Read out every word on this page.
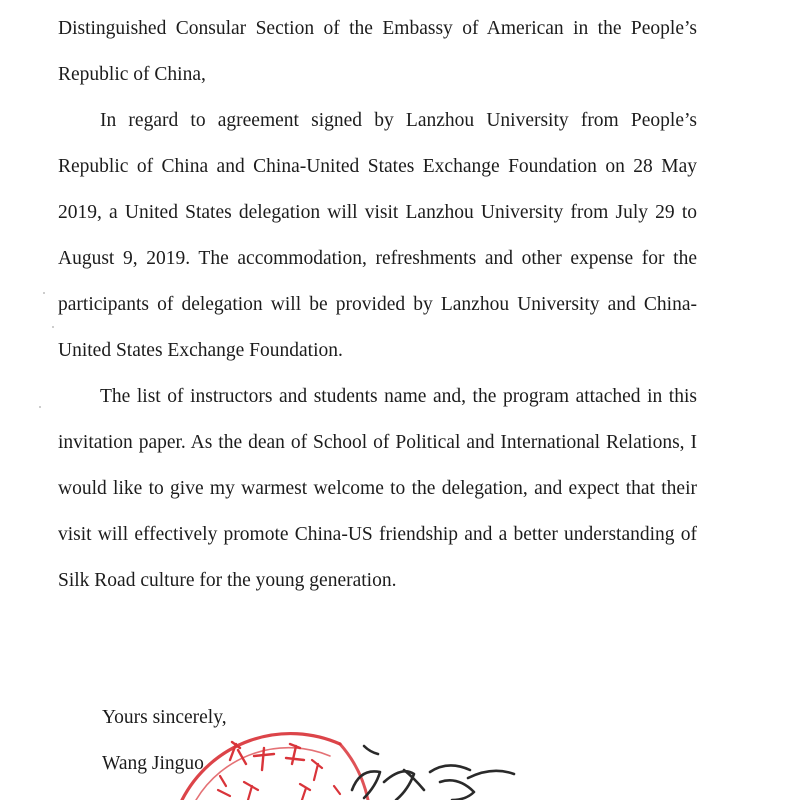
Distinguished Consular Section of the Embassy of American in the People’s Republic of China,

In regard to agreement signed by Lanzhou University from People’s Republic of China and China-United States Exchange Foundation on 28 May 2019, a United States delegation will visit Lanzhou University from July 29 to August 9, 2019. The accommodation, refreshments and other expense for the participants of delegation will be provided by Lanzhou University and China-United States Exchange Foundation.

The list of instructors and students name and, the program attached in this invitation paper. As the dean of School of Political and International Relations, I would like to give my warmest welcome to the delegation, and expect that their visit will effectively promote China-US friendship and a better understanding of Silk Road culture for the young generation.

Yours sincerely,
Wang Jinguo
